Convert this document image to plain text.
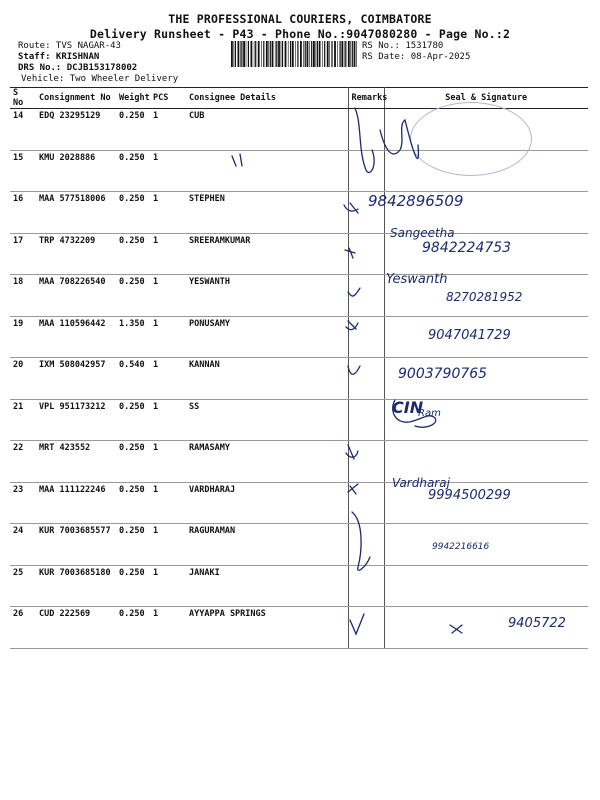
THE PROFESSIONAL COURIERS, COIMBATORE
Delivery Runsheet - P43 - Phone No.:9047080280 - Page No.:2
Route: TVS NAGAR-43
Staff: KRISHNAN
DRS No.: DCJB153178002
Vehicle: Two Wheeler Delivery
RS No.: 1531780
RS Date: 08-Apr-2025
S No	Consignment No	Weight	PCS	Consignee Details	Remarks	Seal & Signature
14	EDQ 23295129	0.250	1	CUB		
15	KMU 2028886	0.250	1			
16	MAA 577518006	0.250	1	STEPHEN		
17	TRP 4732209	0.250	1	SREERAMKUMAR		
18	MAA 708226540	0.250	1	YESWANTH		
19	MAA 110596442	1.350	1	PONUSAMY		
20	IXM 508042957	0.540	1	KANNAN		
21	VPL 951173212	0.250	1	SS		
22	MRT 423552	0.250	1	RAMASAMY		
23	MAA 111122246	0.250	1	VARDHARAJ		
24	KUR 7003685577	0.250	1	RAGURAMAN		
25	KUR 7003685180	0.250	1	JANAKI		
26	CUD 222569	0.250	1	AYYAPPA SPRINGS		
9842896509
Sangeetha
9842224753
Yeswanth
8270281952
9047041729
9003790765
CIN
Ram
Vardharaj
9994500299
9942216616
9405722
